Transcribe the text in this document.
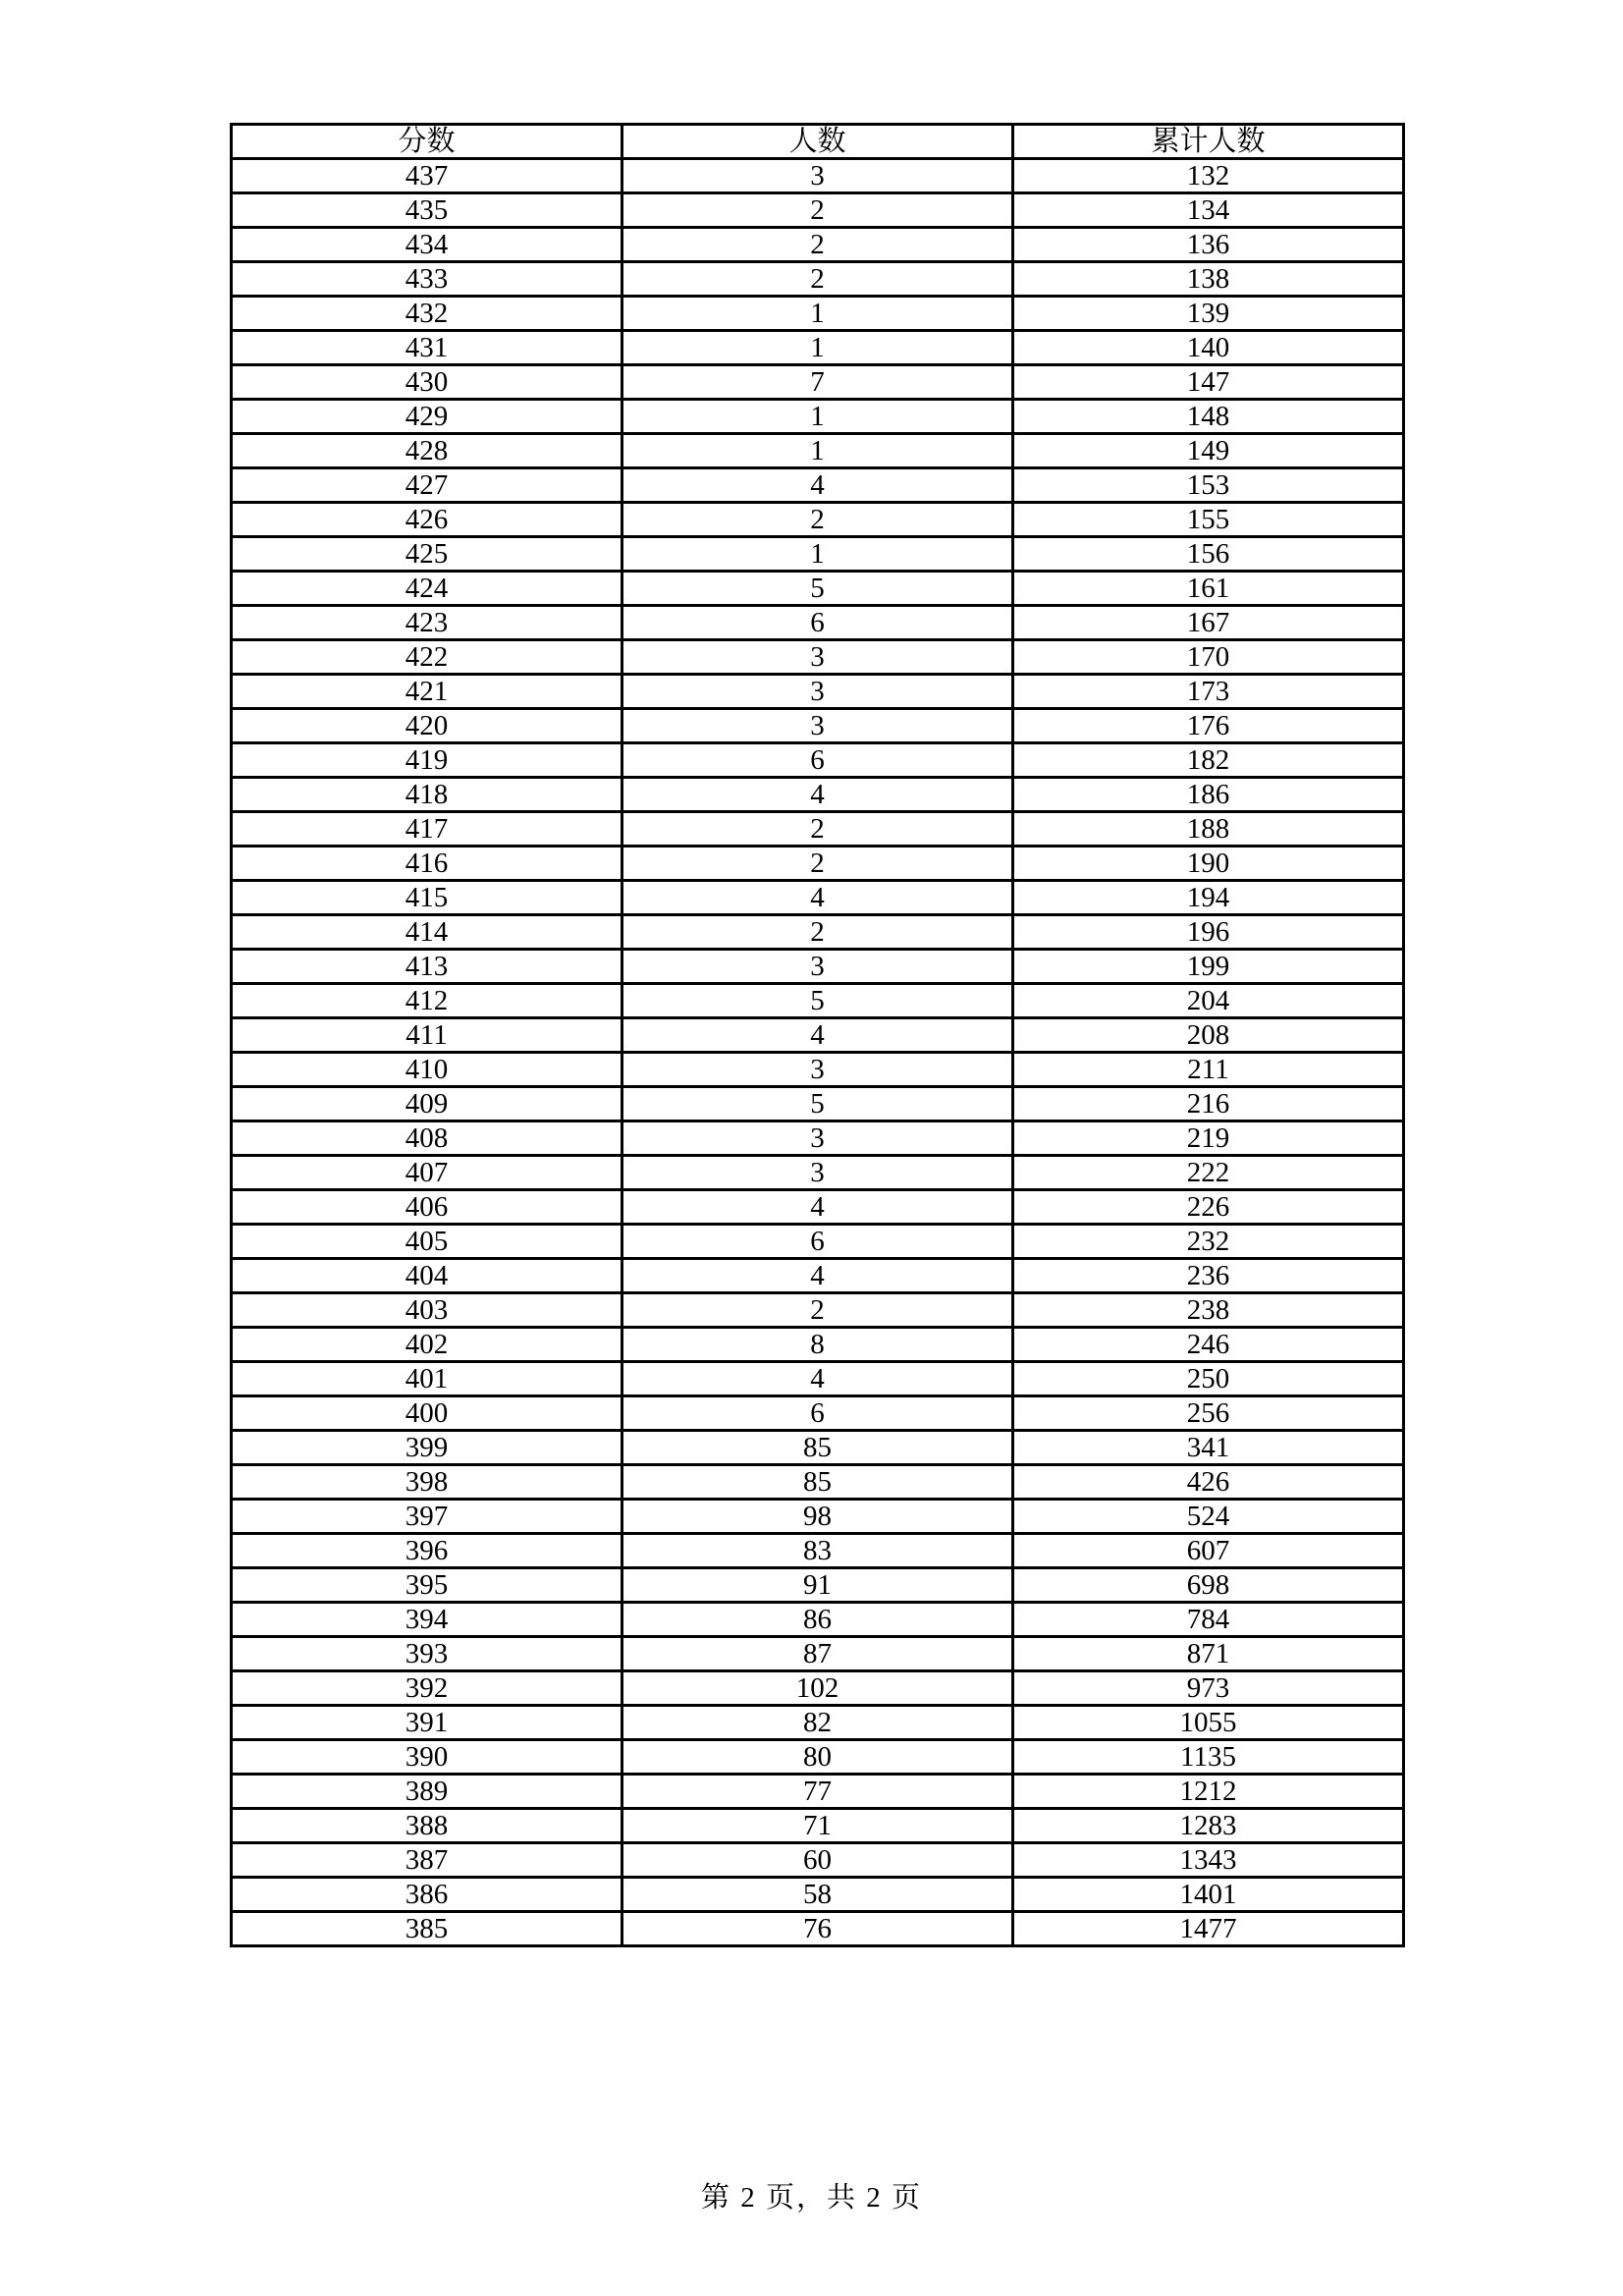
分数	人数	累计人数
437	3	132
435	2	134
434	2	136
433	2	138
432	1	139
431	1	140
430	7	147
429	1	148
428	1	149
427	4	153
426	2	155
425	1	156
424	5	161
423	6	167
422	3	170
421	3	173
420	3	176
419	6	182
418	4	186
417	2	188
416	2	190
415	4	194
414	2	196
413	3	199
412	5	204
411	4	208
410	3	211
409	5	216
408	3	219
407	3	222
406	4	226
405	6	232
404	4	236
403	2	238
402	8	246
401	4	250
400	6	256
399	85	341
398	85	426
397	98	524
396	83	607
395	91	698
394	86	784
393	87	871
392	102	973
391	82	1055
390	80	1135
389	77	1212
388	71	1283
387	60	1343
386	58	1401
385	76	1477
第 2 页，共 2 页
